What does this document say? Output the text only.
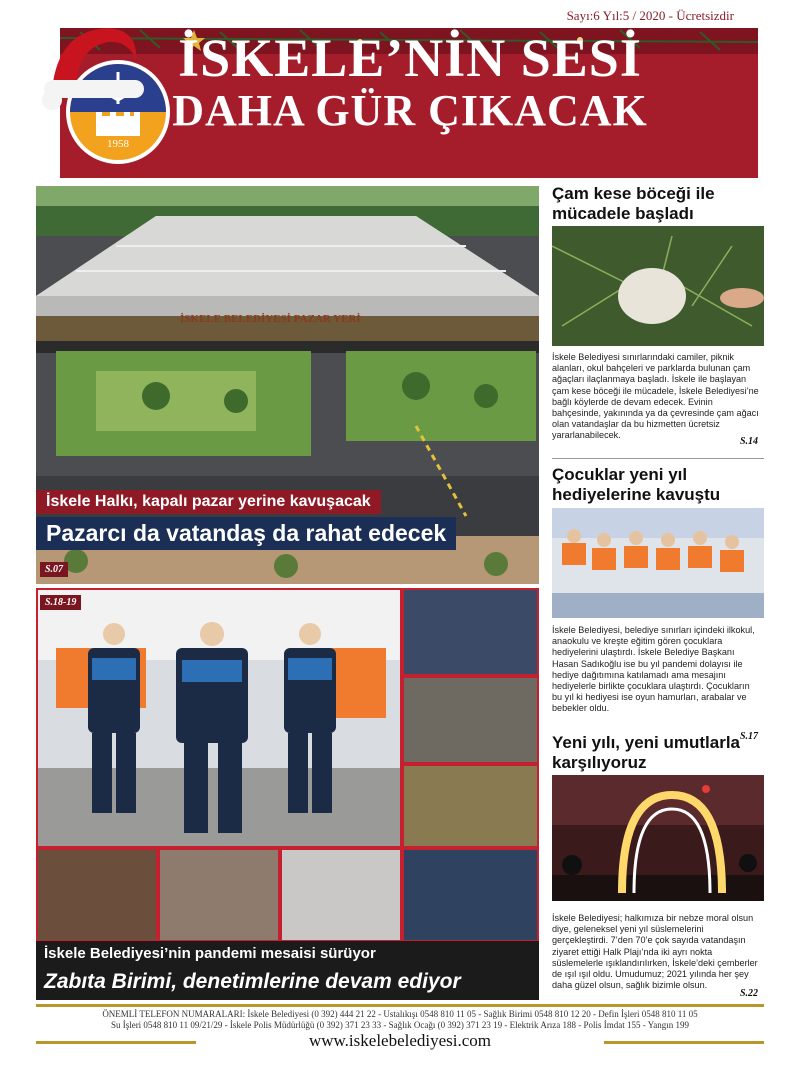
Sayı:6 Yıl:5 / 2020 - Ücretsizdir
İSKELE’NİN SESİ
DAHA GÜR ÇIKACAK
1958
İSKELE BELEDİYESİ PAZAR YERİ
İskele Halkı, kapalı pazar yerine kavuşacak
Pazarcı da vatandaş da rahat edecek
S.07
S.18-19
İskele Belediyesi’nin pandemi mesaisi sürüyor
Zabıta Birimi, denetimlerine devam ediyor
Çam kese böceği ile mücadele başladı
İskele Belediyesi sınırlarındaki camiler, piknik alanları, okul bahçeleri ve parklarda bulunan çam ağaçları ilaçlanmaya başladı. İskele ile başlayan çam kese böceği ile mücadele, İskele Belediyesi’ne bağlı köylerde de devam edecek. Evinin bahçesinde, yakınında ya da çevresinde çam ağacı olan vatandaşlar da bu hizmetten ücretsiz yararlanabilecek.
S.14
Çocuklar yeni yıl hediyelerine kavuştu
İskele Belediyesi, belediye sınırları içindeki ilkokul, anaokulu ve kreşte eğitim gören çocuklara hediyelerini ulaştırdı. İskele Belediye Başkanı Hasan Sadıkoğlu ise bu yıl pandemi dolayısı ile hediye dağıtımına katılamadı ama mesajını hediyelerle birlikte çocuklara ulaştırdı. Çocukların bu yıl ki hediyesi ise oyun hamurları, arabalar ve bebekler oldu.
S.17
Yeni yılı, yeni umutlarla karşılıyoruz
İskele Belediyesi; halkımıza bir nebze moral olsun diye, geleneksel yeni yıl süslemelerini gerçekleştirdi. 7’den 70’e çok sayıda vatandaşın ziyaret ettiği Halk Plajı’nda iki ayrı nokta süslemelerle ışıklandırılırken, İskele’deki çemberler de ışıl ışıl oldu. Umudumuz; 2021 yılında her şey daha güzel olsun, sağlık bizimle olsun.
S.22
ÖNEMLİ TELEFON NUMARALARI: İskele Belediyesi (0 392) 444 21 22 - Ustalıkışı 0548 810 11 05 - Sağlık Birimi 0548 810 12 20 - Defin İşleri 0548 810 11 05
Su İşleri 0548 810 11 09/21/29 - İskele Polis Müdürlüğü (0 392) 371 23 33 - Sağlık Ocağı (0 392) 371 23 19 - Elektrik Arıza 188 - Polis İmdat 155 - Yangın 199
www.iskelebelediyesi.com
